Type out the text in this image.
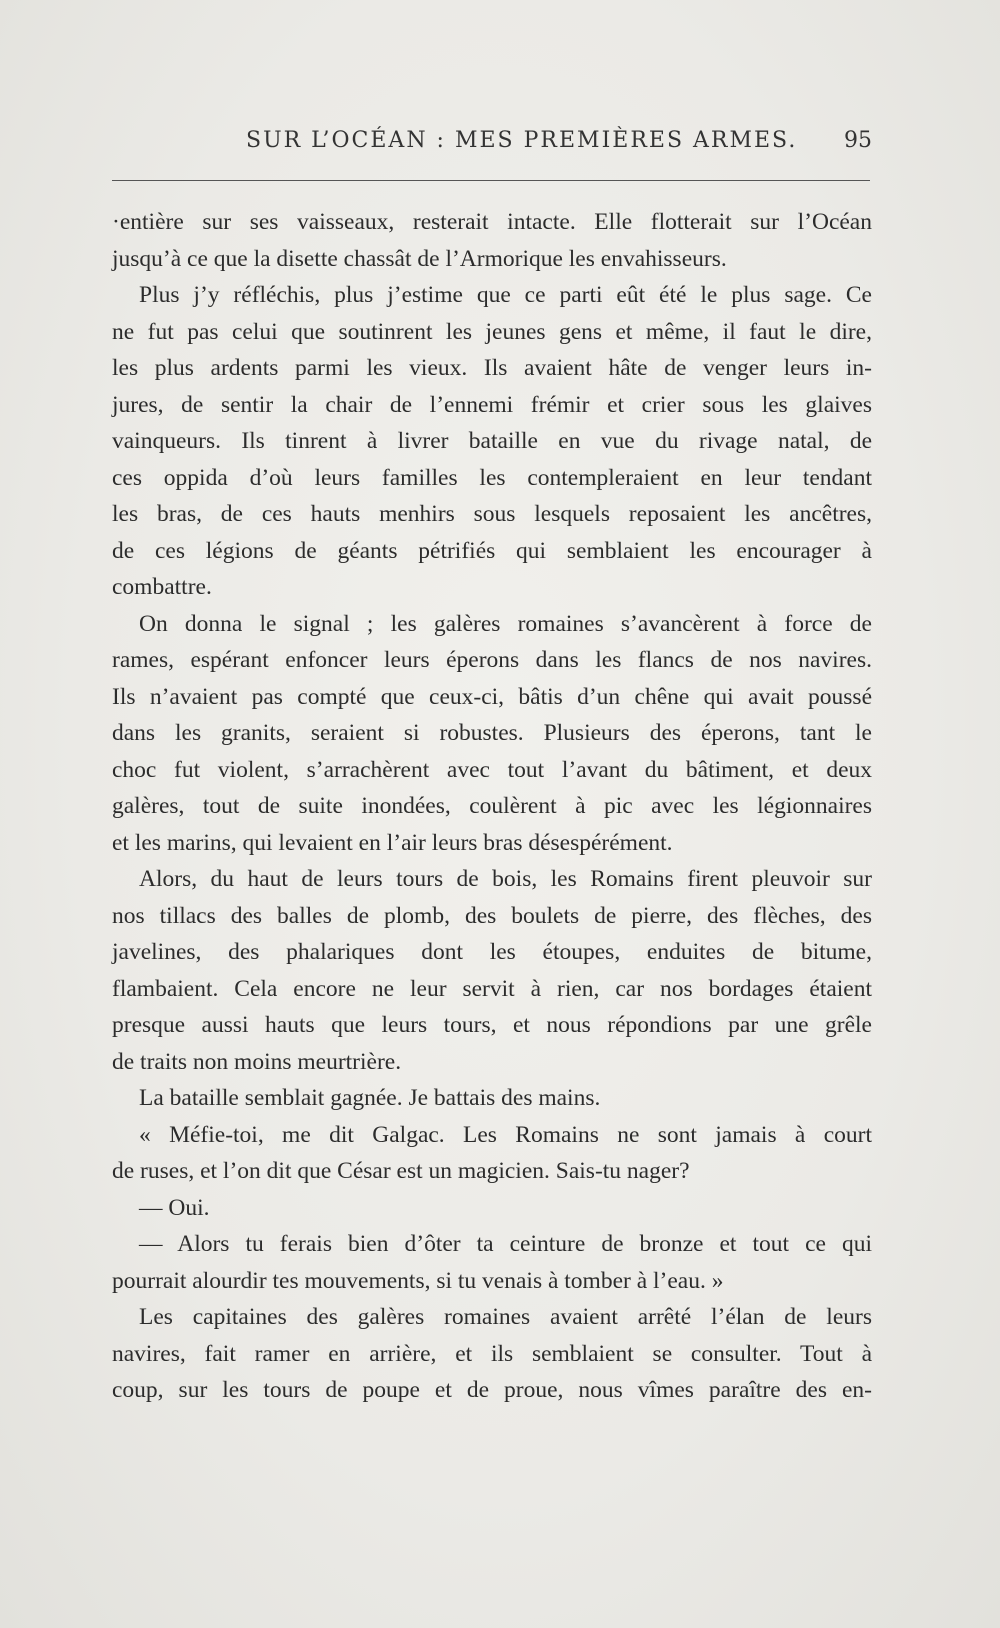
SUR L’OCÉAN : MES PREMIÈRES ARMES. 95
·entière sur ses vaisseaux, resterait intacte. Elle flotterait sur l’Océan
jusqu’à ce que la disette chassât de l’Armorique les envahisseurs.
Plus j’y réfléchis, plus j’estime que ce parti eût été le plus sage. Ce
ne fut pas celui que soutinrent les jeunes gens et même, il faut le dire,
les plus ardents parmi les vieux. Ils avaient hâte de venger leurs in-
jures, de sentir la chair de l’ennemi frémir et crier sous les glaives
vainqueurs. Ils tinrent à livrer bataille en vue du rivage natal, de
ces oppida d’où leurs familles les contempleraient en leur tendant
les bras, de ces hauts menhirs sous lesquels reposaient les ancêtres,
de ces légions de géants pétrifiés qui semblaient les encourager à
combattre.
On donna le signal ; les galères romaines s’avancèrent à force de
rames, espérant enfoncer leurs éperons dans les flancs de nos navires.
Ils n’avaient pas compté que ceux-ci, bâtis d’un chêne qui avait poussé
dans les granits, seraient si robustes. Plusieurs des éperons, tant le
choc fut violent, s’arrachèrent avec tout l’avant du bâtiment, et deux
galères, tout de suite inondées, coulèrent à pic avec les légionnaires
et les marins, qui levaient en l’air leurs bras désespérément.
Alors, du haut de leurs tours de bois, les Romains firent pleuvoir sur
nos tillacs des balles de plomb, des boulets de pierre, des flèches, des
javelines, des phalariques dont les étoupes, enduites de bitume,
flambaient. Cela encore ne leur servit à rien, car nos bordages étaient
presque aussi hauts que leurs tours, et nous répondions par une grêle
de traits non moins meurtrière.
La bataille semblait gagnée. Je battais des mains.
« Méfie-toi, me dit Galgac. Les Romains ne sont jamais à court
de ruses, et l’on dit que César est un magicien. Sais-tu nager?
— Oui.
— Alors tu ferais bien d’ôter ta ceinture de bronze et tout ce qui
pourrait alourdir tes mouvements, si tu venais à tomber à l’eau. »
Les capitaines des galères romaines avaient arrêté l’élan de leurs
navires, fait ramer en arrière, et ils semblaient se consulter. Tout à
coup, sur les tours de poupe et de proue, nous vîmes paraître des en-
